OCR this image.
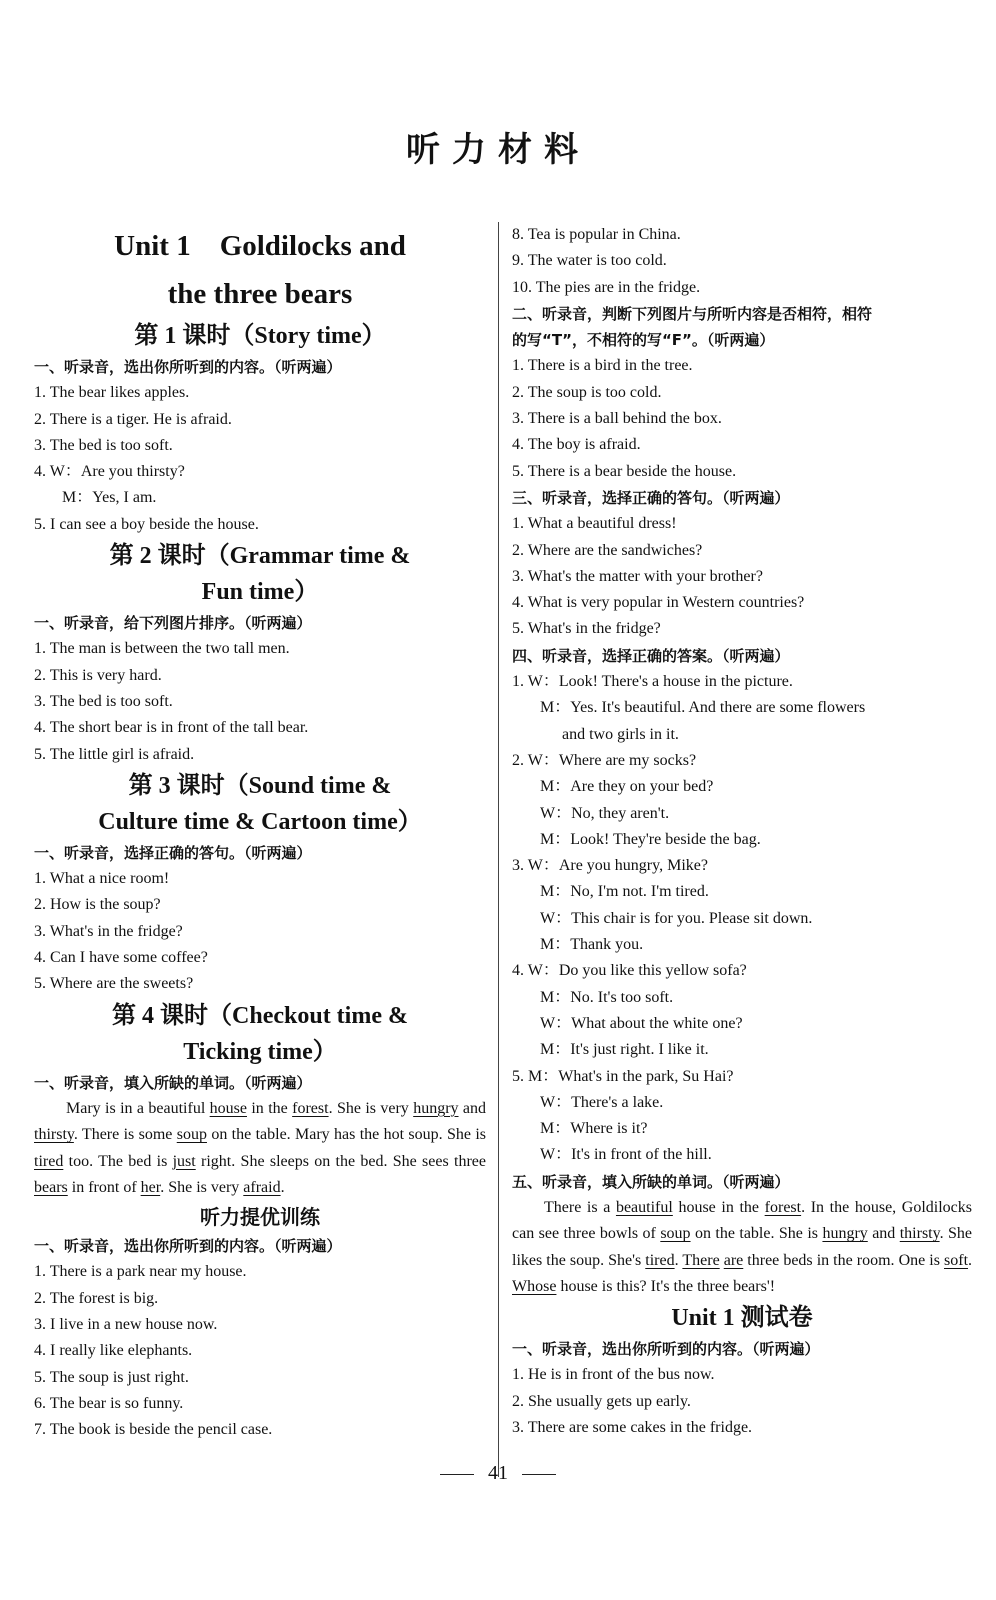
听力材料
Unit 1    Goldilocks and
the three bears
第 1 课时（Story time）
一、听录音，选出你所听到的内容。（听两遍）
1. The bear likes apples.
2. There is a tiger. He is afraid.
3. The bed is too soft.
4. W：Are you thirsty?
M：Yes, I am.
5. I can see a boy beside the house.
第 2 课时（Grammar time &
Fun time）
一、听录音，给下列图片排序。（听两遍）
1. The man is between the two tall men.
2. This is very hard.
3. The bed is too soft.
4. The short bear is in front of the tall bear.
5. The little girl is afraid.
第 3 课时（Sound time &
Culture time & Cartoon time）
一、听录音，选择正确的答句。（听两遍）
1. What a nice room!
2. How is the soup?
3. What's in the fridge?
4. Can I have some coffee?
5. Where are the sweets?
第 4 课时（Checkout time &
Ticking time）
一、听录音，填入所缺的单词。（听两遍）
Mary is in a beautiful house in the forest. She is very hungry and thirsty. There is some soup on the table. Mary has the hot soup. She is tired too. The bed is just right. She sleeps on the bed. She sees three bears in front of her. She is very afraid.
听力提优训练
一、听录音，选出你所听到的内容。（听两遍）
1. There is a park near my house.
2. The forest is big.
3. I live in a new house now.
4. I really like elephants.
5. The soup is just right.
6. The bear is so funny.
7. The book is beside the pencil case.
8. Tea is popular in China.
9. The water is too cold.
10. The pies are in the fridge.
二、听录音，判断下列图片与所听内容是否相符，相符
的写“T”，不相符的写“F”。（听两遍）
1. There is a bird in the tree.
2. The soup is too cold.
3. There is a ball behind the box.
4. The boy is afraid.
5. There is a bear beside the house.
三、听录音，选择正确的答句。（听两遍）
1. What a beautiful dress!
2. Where are the sandwiches?
3. What's the matter with your brother?
4. What is very popular in Western countries?
5. What's in the fridge?
四、听录音，选择正确的答案。（听两遍）
1. W：Look! There's a house in the picture.
M：Yes. It's beautiful. And there are some flowers
and two girls in it.
2. W：Where are my socks?
M：Are they on your bed?
W：No, they aren't.
M：Look! They're beside the bag.
3. W：Are you hungry, Mike?
M：No, I'm not. I'm tired.
W：This chair is for you. Please sit down.
M：Thank you.
4. W：Do you like this yellow sofa?
M：No. It's too soft.
W：What about the white one?
M：It's just right. I like it.
5. M：What's in the park, Su Hai?
W：There's a lake.
M：Where is it?
W：It's in front of the hill.
五、听录音，填入所缺的单词。（听两遍）
There is a beautiful house in the forest. In the house, Goldilocks can see three bowls of soup on the table. She is hungry and thirsty. She likes the soup. She's tired. There are three beds in the room. One is soft. Whose house is this? It's the three bears'!
Unit 1 测试卷
一、听录音，选出你所听到的内容。（听两遍）
1. He is in front of the bus now.
2. She usually gets up early.
3. There are some cakes in the fridge.
41
